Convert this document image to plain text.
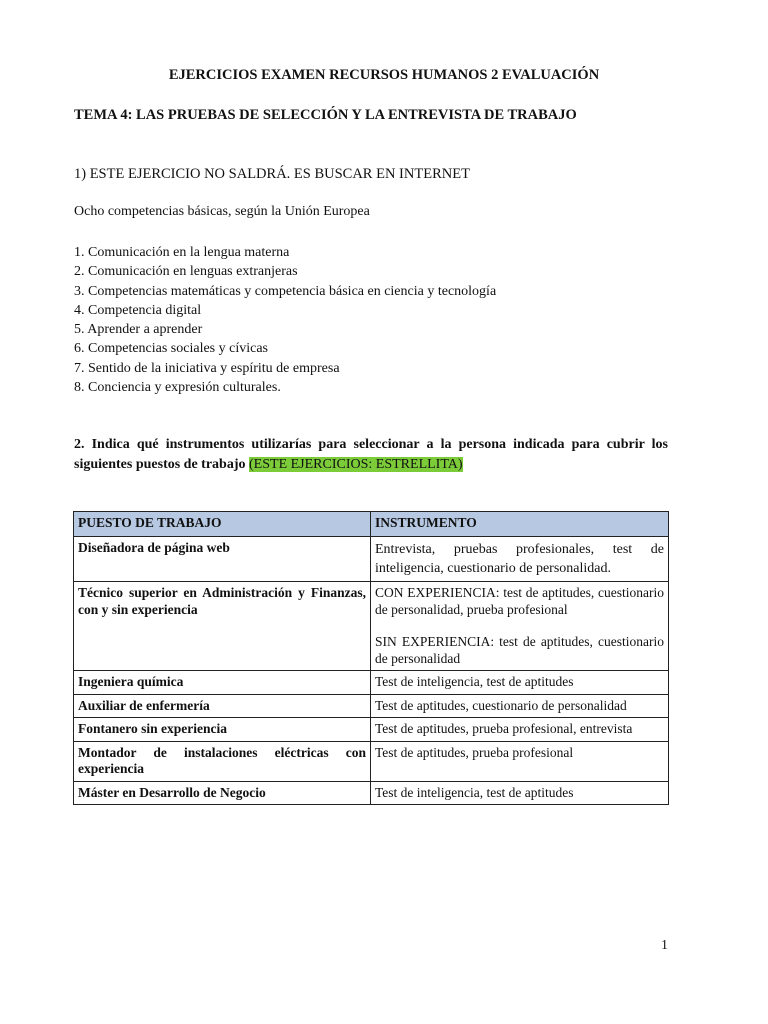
EJERCICIOS EXAMEN RECURSOS HUMANOS 2 EVALUACIÓN
TEMA 4: LAS PRUEBAS DE SELECCIÓN Y LA ENTREVISTA DE TRABAJO
1) ESTE EJERCICIO NO SALDRÁ. ES BUSCAR EN INTERNET
Ocho competencias básicas, según la Unión Europea
1. Comunicación en la lengua materna
2. Comunicación en lenguas extranjeras
3. Competencias matemáticas y competencia básica en ciencia y tecnología
4. Competencia digital
5. Aprender a aprender
6. Competencias sociales y cívicas
7. Sentido de la iniciativa y espíritu de empresa
8. Conciencia y expresión culturales.
2. Indica qué instrumentos utilizarías para seleccionar a la persona indicada para cubrir los siguientes puestos de trabajo (ESTE EJERCICIOS: ESTRELLITA)
PUESTO DE TRABAJO	INSTRUMENTO
Diseñadora de página web	Entrevista, pruebas profesionales, test de inteligencia, cuestionario de personalidad.
Técnico superior en Administración y Finanzas, con y sin experiencia	CON EXPERIENCIA: test de aptitudes, cuestionario de personalidad, prueba profesional
SIN EXPERIENCIA: test de aptitudes, cuestionario de personalidad

Ingeniera química	Test de inteligencia, test de aptitudes
Auxiliar de enfermería	Test de aptitudes, cuestionario de personalidad
Fontanero sin experiencia	Test de aptitudes, prueba profesional, entrevista
Montador de instalaciones eléctricas con experiencia	Test de aptitudes, prueba profesional
Máster en Desarrollo de Negocio	Test de inteligencia, test de aptitudes
1
